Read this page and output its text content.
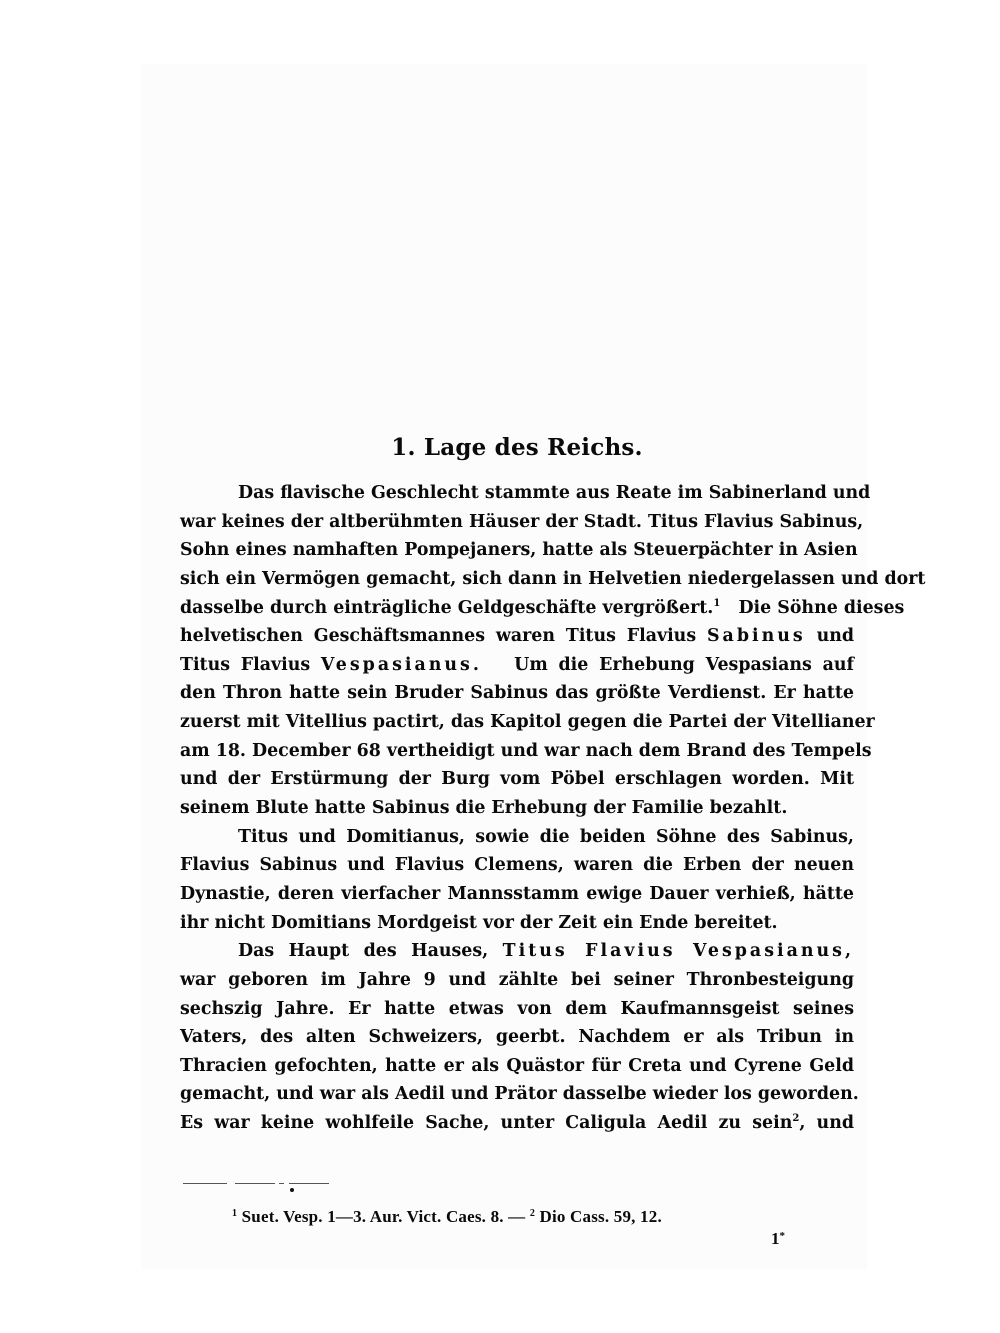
1. Lage des Reichs.
Das flavische Geschlecht stammte aus Reate im Sabinerland und
war keines der altberühmten Häuser der Stadt. Titus Flavius Sabinus,
Sohn eines namhaften Pompejaners, hatte als Steuerpächter in Asien
sich ein Vermögen gemacht, sich dann in Helvetien niedergelassen und dort
dasselbe durch einträgliche Geldgeschäfte vergrößert.$^1$ Die Söhne dieses
helvetischen Geschäftsmannes waren Titus Flavius Sabinus und
Titus Flavius Vespasianus. Um die Erhebung Vespasians auf
den Thron hatte sein Bruder Sabinus das größte Verdienst. Er hatte
zuerst mit Vitellius pactirt, das Kapitol gegen die Partei der Vitellianer
am 18. December 68 vertheidigt und war nach dem Brand des Tempels
und der Erstürmung der Burg vom Pöbel erschlagen worden. Mit
seinem Blute hatte Sabinus die Erhebung der Familie bezahlt.
Titus und Domitianus, sowie die beiden Söhne des Sabinus,
Flavius Sabinus und Flavius Clemens, waren die Erben der neuen
Dynastie, deren vierfacher Mannsstamm ewige Dauer verhieß, hätte
ihr nicht Domitians Mordgeist vor der Zeit ein Ende bereitet.
Das Haupt des Hauses, Titus Flavius Vespasianus,
war geboren im Jahre 9 und zählte bei seiner Thronbesteigung
sechszig Jahre. Er hatte etwas von dem Kaufmannsgeist seines
Vaters, des alten Schweizers, geerbt. Nachdem er als Tribun in
Thracien gefochten, hatte er als Quästor für Creta und Cyrene Geld
gemacht, und war als Aedil und Prätor dasselbe wieder los geworden.
Es war keine wohlfeile Sache, unter Caligula Aedil zu sein$^2$, und
$^1$ Suet. Vesp. 1—3. Aur. Vict. Caes. 8. — $^2$ Dio Cass. 59, 12.
1*
